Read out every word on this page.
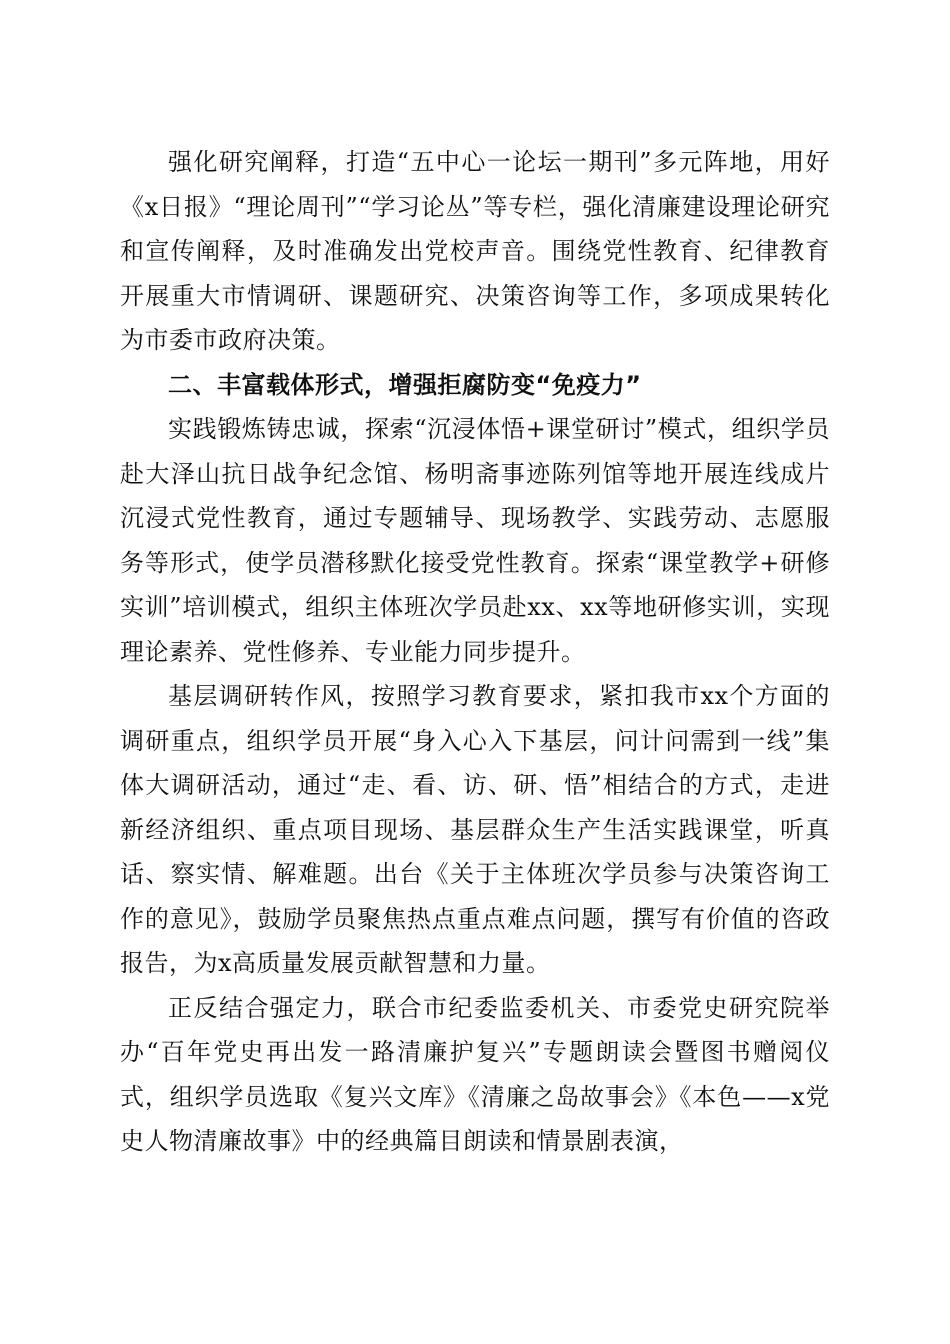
强化研究阐释，打造“五中心一论坛一期刊”多元阵地，用好《x日报》“理论周刊”“学习论丛”等专栏，强化清廉建设理论研究和宣传阐释，及时准确发出党校声音。围绕党性教育、纪律教育开展重大市情调研、课题研究、决策咨询等工作，多项成果转化为市委市政府决策。

二、丰富载体形式，增强拒腐防变“免疫力”

实践锻炼铸忠诚，探索“沉浸体悟+课堂研讨”模式，组织学员赴大泽山抗日战争纪念馆、杨明斋事迹陈列馆等地开展连线成片沉浸式党性教育，通过专题辅导、现场教学、实践劳动、志愿服务等形式，使学员潜移默化接受党性教育。探索“课堂教学+研修实训”培训模式，组织主体班次学员赴xx、xx等地研修实训，实现理论素养、党性修养、专业能力同步提升。

基层调研转作风，按照学习教育要求，紧扣我市xx个方面的调研重点，组织学员开展“身入心入下基层，问计问需到一线”集体大调研活动，通过“走、看、访、研、悟”相结合的方式，走进新经济组织、重点项目现场、基层群众生产生活实践课堂，听真话、察实情、解难题。出台《关于主体班次学员参与决策咨询工作的意见》，鼓励学员聚焦热点重点难点问题，撰写有价值的咨政报告，为x高质量发展贡献智慧和力量。

正反结合强定力，联合市纪委监委机关、市委党史研究院举办“百年党史再出发一路清廉护复兴”专题朗读会暨图书赠阅仪式，组织学员选取《复兴文库》《清廉之岛故事会》《本色——x党史人物清廉故事》中的经典篇目朗读和情景剧表演，
